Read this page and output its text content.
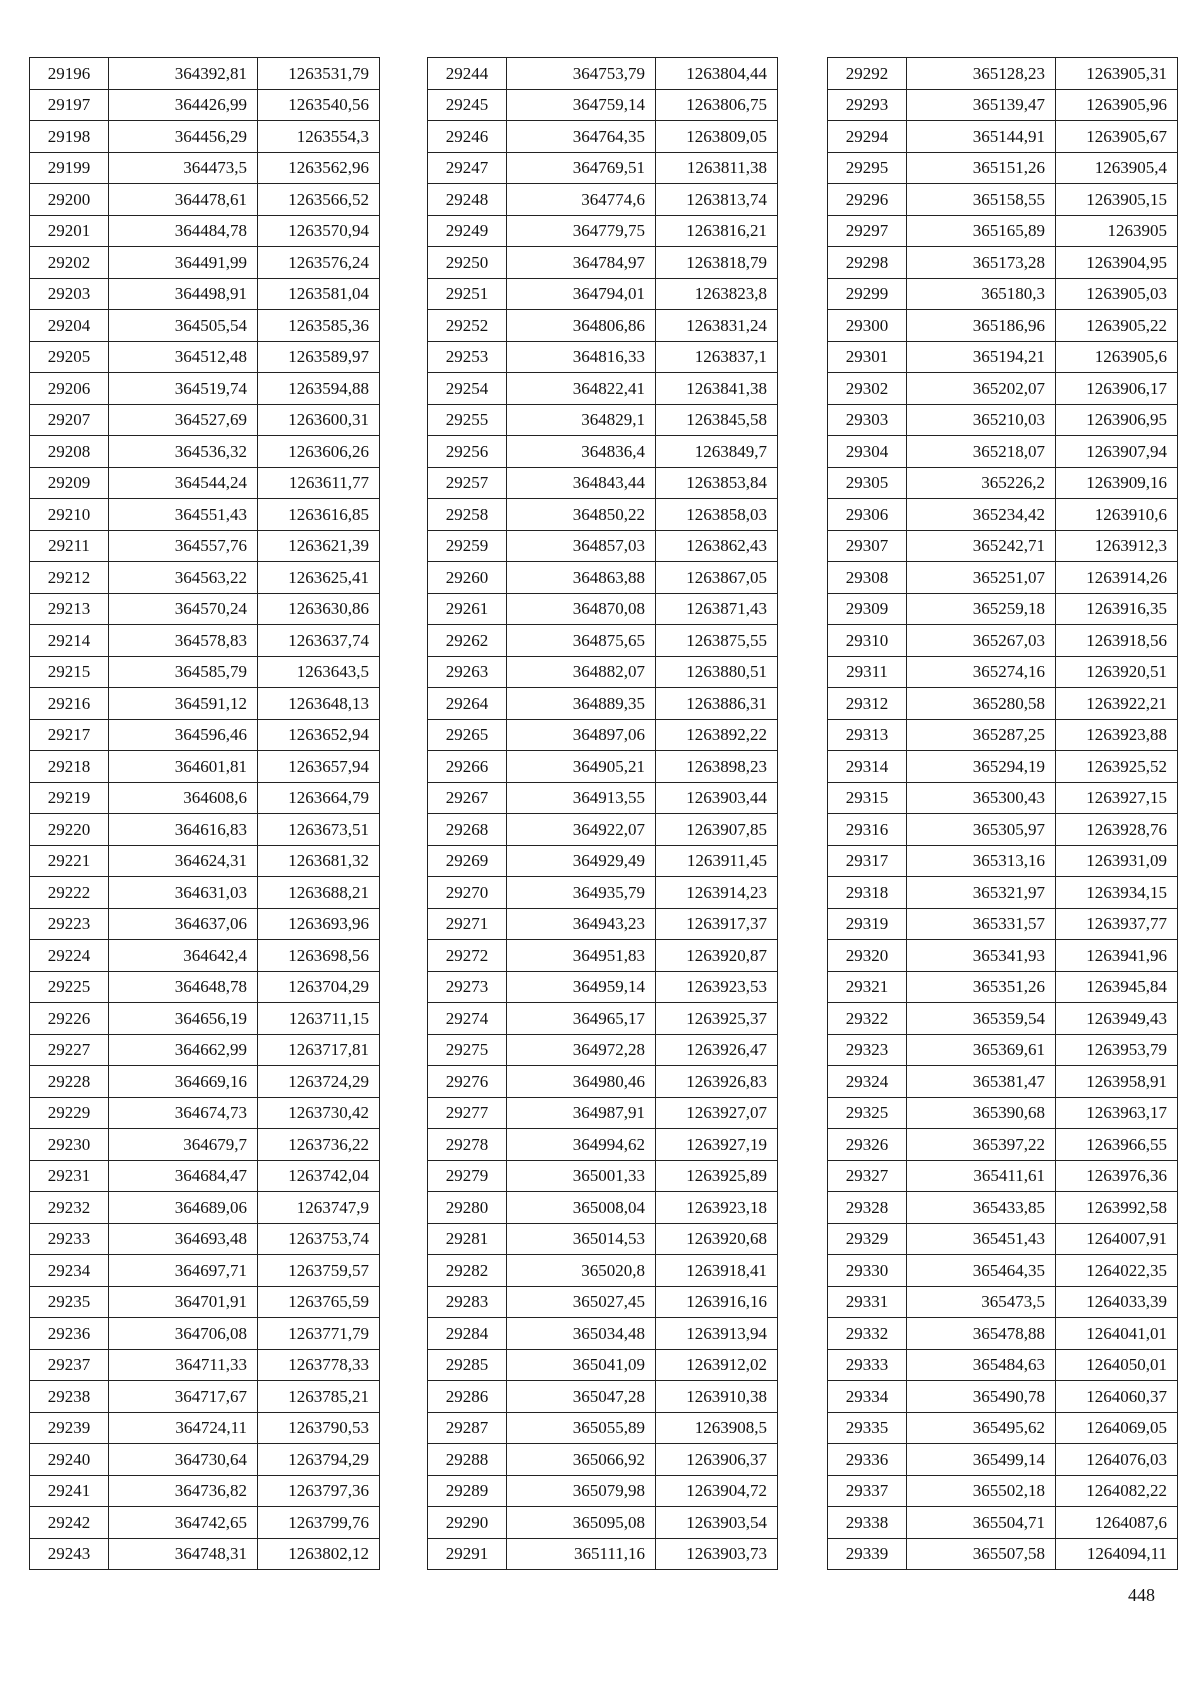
29196	364392,81	1263531,79
29197	364426,99	1263540,56
29198	364456,29	1263554,3
29199	364473,5	1263562,96
29200	364478,61	1263566,52
29201	364484,78	1263570,94
29202	364491,99	1263576,24
29203	364498,91	1263581,04
29204	364505,54	1263585,36
29205	364512,48	1263589,97
29206	364519,74	1263594,88
29207	364527,69	1263600,31
29208	364536,32	1263606,26
29209	364544,24	1263611,77
29210	364551,43	1263616,85
29211	364557,76	1263621,39
29212	364563,22	1263625,41
29213	364570,24	1263630,86
29214	364578,83	1263637,74
29215	364585,79	1263643,5
29216	364591,12	1263648,13
29217	364596,46	1263652,94
29218	364601,81	1263657,94
29219	364608,6	1263664,79
29220	364616,83	1263673,51
29221	364624,31	1263681,32
29222	364631,03	1263688,21
29223	364637,06	1263693,96
29224	364642,4	1263698,56
29225	364648,78	1263704,29
29226	364656,19	1263711,15
29227	364662,99	1263717,81
29228	364669,16	1263724,29
29229	364674,73	1263730,42
29230	364679,7	1263736,22
29231	364684,47	1263742,04
29232	364689,06	1263747,9
29233	364693,48	1263753,74
29234	364697,71	1263759,57
29235	364701,91	1263765,59
29236	364706,08	1263771,79
29237	364711,33	1263778,33
29238	364717,67	1263785,21
29239	364724,11	1263790,53
29240	364730,64	1263794,29
29241	364736,82	1263797,36
29242	364742,65	1263799,76
29243	364748,31	1263802,12
29244	364753,79	1263804,44
29245	364759,14	1263806,75
29246	364764,35	1263809,05
29247	364769,51	1263811,38
29248	364774,6	1263813,74
29249	364779,75	1263816,21
29250	364784,97	1263818,79
29251	364794,01	1263823,8
29252	364806,86	1263831,24
29253	364816,33	1263837,1
29254	364822,41	1263841,38
29255	364829,1	1263845,58
29256	364836,4	1263849,7
29257	364843,44	1263853,84
29258	364850,22	1263858,03
29259	364857,03	1263862,43
29260	364863,88	1263867,05
29261	364870,08	1263871,43
29262	364875,65	1263875,55
29263	364882,07	1263880,51
29264	364889,35	1263886,31
29265	364897,06	1263892,22
29266	364905,21	1263898,23
29267	364913,55	1263903,44
29268	364922,07	1263907,85
29269	364929,49	1263911,45
29270	364935,79	1263914,23
29271	364943,23	1263917,37
29272	364951,83	1263920,87
29273	364959,14	1263923,53
29274	364965,17	1263925,37
29275	364972,28	1263926,47
29276	364980,46	1263926,83
29277	364987,91	1263927,07
29278	364994,62	1263927,19
29279	365001,33	1263925,89
29280	365008,04	1263923,18
29281	365014,53	1263920,68
29282	365020,8	1263918,41
29283	365027,45	1263916,16
29284	365034,48	1263913,94
29285	365041,09	1263912,02
29286	365047,28	1263910,38
29287	365055,89	1263908,5
29288	365066,92	1263906,37
29289	365079,98	1263904,72
29290	365095,08	1263903,54
29291	365111,16	1263903,73
29292	365128,23	1263905,31
29293	365139,47	1263905,96
29294	365144,91	1263905,67
29295	365151,26	1263905,4
29296	365158,55	1263905,15
29297	365165,89	1263905
29298	365173,28	1263904,95
29299	365180,3	1263905,03
29300	365186,96	1263905,22
29301	365194,21	1263905,6
29302	365202,07	1263906,17
29303	365210,03	1263906,95
29304	365218,07	1263907,94
29305	365226,2	1263909,16
29306	365234,42	1263910,6
29307	365242,71	1263912,3
29308	365251,07	1263914,26
29309	365259,18	1263916,35
29310	365267,03	1263918,56
29311	365274,16	1263920,51
29312	365280,58	1263922,21
29313	365287,25	1263923,88
29314	365294,19	1263925,52
29315	365300,43	1263927,15
29316	365305,97	1263928,76
29317	365313,16	1263931,09
29318	365321,97	1263934,15
29319	365331,57	1263937,77
29320	365341,93	1263941,96
29321	365351,26	1263945,84
29322	365359,54	1263949,43
29323	365369,61	1263953,79
29324	365381,47	1263958,91
29325	365390,68	1263963,17
29326	365397,22	1263966,55
29327	365411,61	1263976,36
29328	365433,85	1263992,58
29329	365451,43	1264007,91
29330	365464,35	1264022,35
29331	365473,5	1264033,39
29332	365478,88	1264041,01
29333	365484,63	1264050,01
29334	365490,78	1264060,37
29335	365495,62	1264069,05
29336	365499,14	1264076,03
29337	365502,18	1264082,22
29338	365504,71	1264087,6
29339	365507,58	1264094,11
448
